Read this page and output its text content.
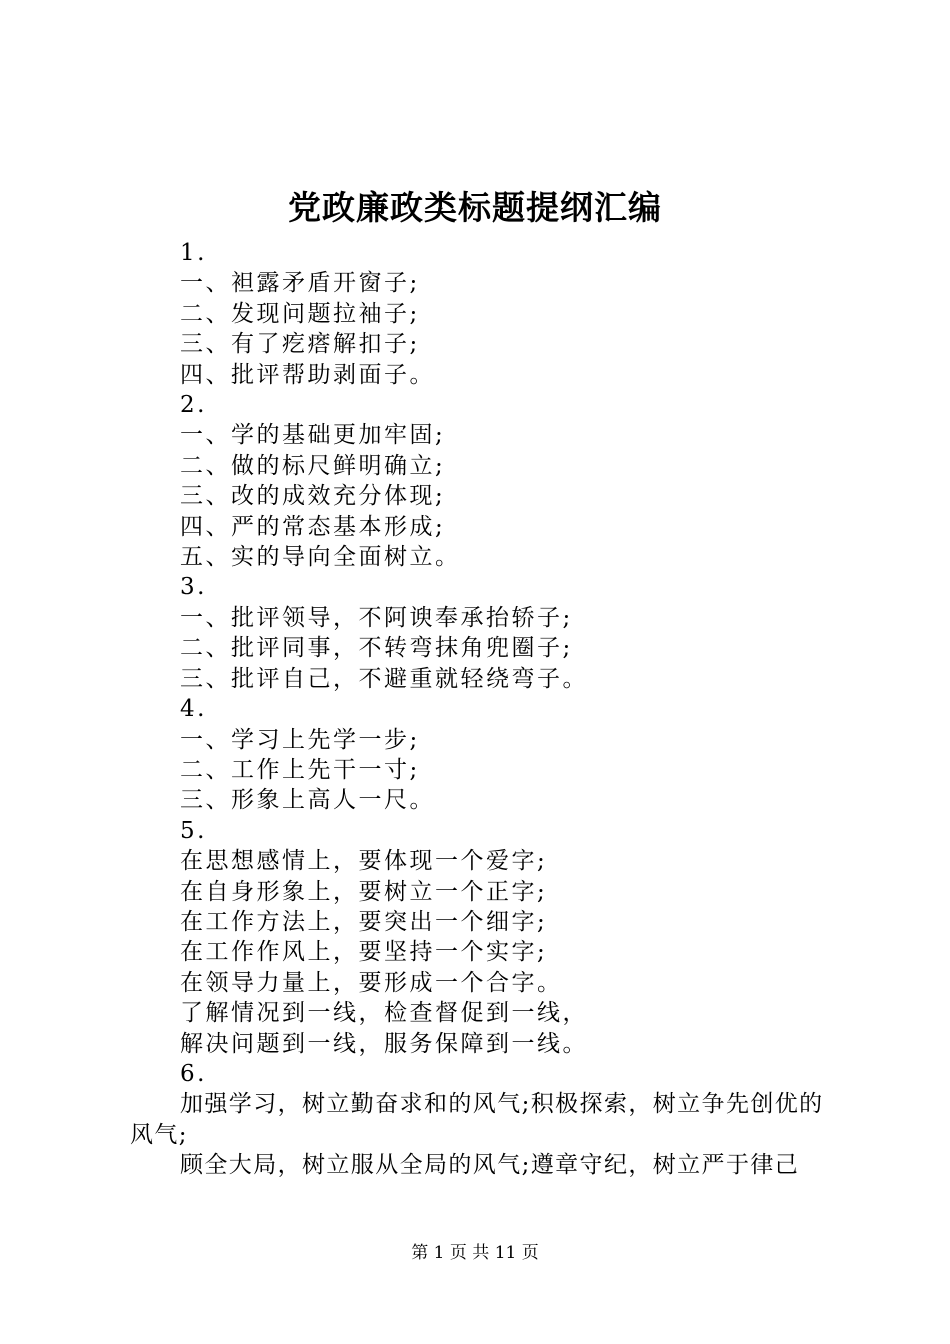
党政廉政类标题提纲汇编
1.
一、袒露矛盾开窗子;
二、发现问题拉袖子;
三、有了疙瘩解扣子;
四、批评帮助剥面子。
2.
一、学的基础更加牢固;
二、做的标尺鲜明确立;
三、改的成效充分体现;
四、严的常态基本形成;
五、实的导向全面树立。
3.
一、批评领导，不阿谀奉承抬轿子;
二、批评同事，不转弯抹角兜圈子;
三、批评自己，不避重就轻绕弯子。
4.
一、学习上先学一步;
二、工作上先干一寸;
三、形象上高人一尺。
5.
在思想感情上，要体现一个爱字;
在自身形象上，要树立一个正字;
在工作方法上，要突出一个细字;
在工作作风上，要坚持一个实字;
在领导力量上，要形成一个合字。
了解情况到一线，检查督促到一线，
解决问题到一线，服务保障到一线。
6.
加强学习，树立勤奋求和的风气;积极探索，树立争先创优的风气;
顾全大局，树立服从全局的风气;遵章守纪，树立严于律己
第 1 页 共 11 页
